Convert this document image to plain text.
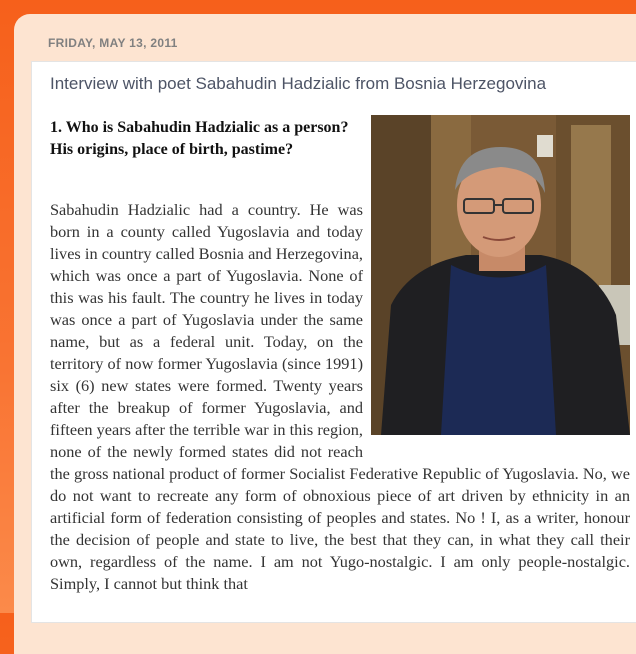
FRIDAY, MAY 13, 2011
Interview with poet Sabahudin Hadzialic from Bosnia Herzegovina

1. Who is Sabahudin Hadzialic as a person? His origins, place of birth, pastime?

Sabahudin Hadzialic had a country. He was born in a county called Yugoslavia and today lives in country called Bosnia and Herzegovina, which was once a part of Yugoslavia. None of this was his fault. The country he lives in today was once a part of Yugoslavia under the same name, but as a federal unit. Today, on the territory of now former Yugoslavia (since 1991) six (6) new states were formed. Twenty years after the breakup of former Yugoslavia, and fifteen years after the terrible war in this region, none of the newly formed states did not reach the gross national product of former Socialist Federative Republic of Yugoslavia. No, we do not want to recreate any form of obnoxious piece of art driven by ethnicity in an artificial form of federation consisting of peoples and states. No ! I, as a writer, honour the decision of people and state to live, the best that they can, in what they call their own, regardless of the name. I am not Yugo-nostalgic. I am only people-nostalgic. Simply, I cannot but think that
